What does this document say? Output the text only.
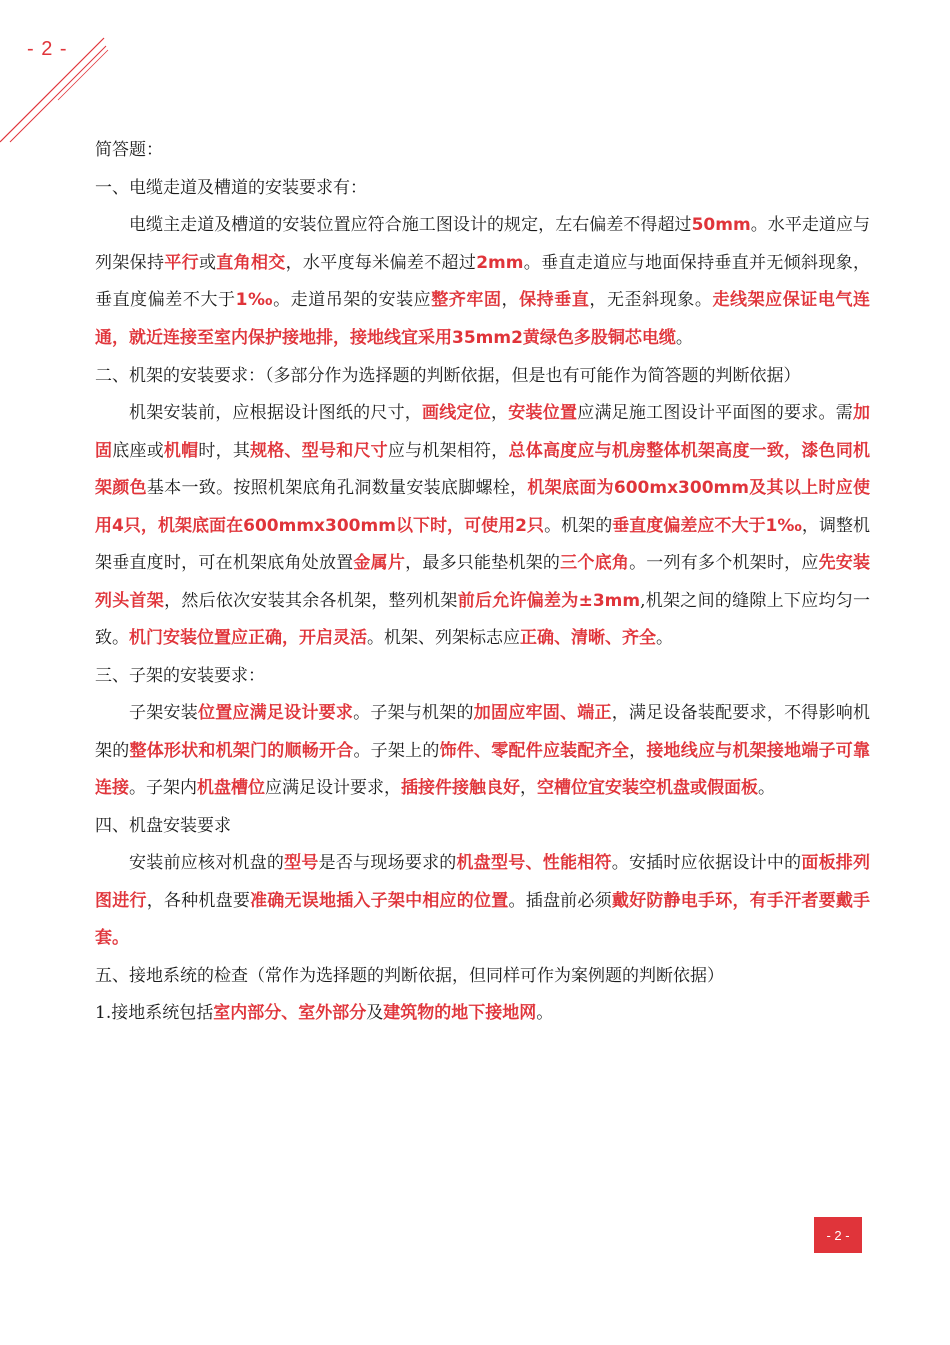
- 2 -

简答题：

一、电缆走道及槽道的安装要求有：

电缆主走道及槽道的安装位置应符合施工图设计的规定，左右偏差不得超过50mm。水平走道应与列架保持平行或直角相交，水平度每米偏差不超过2mm。垂直走道应与地面保持垂直并无倾斜现象，垂直度偏差不大于1‰。走道吊架的安装应整齐牢固，保持垂直，无歪斜现象。走线架应保证电气连通，就近连接至室内保护接地排，接地线宜采用35mm2黄绿色多股铜芯电缆。

二、机架的安装要求：（多部分作为选择题的判断依据，但是也有可能作为简答题的判断依据）

机架安装前，应根据设计图纸的尺寸，画线定位，安装位置应满足施工图设计平面图的要求。需加固底座或机帽时，其规格、型号和尺寸应与机架相符，总体高度应与机房整体机架高度一致，漆色同机架颜色基本一致。按照机架底角孔洞数量安装底脚螺栓，机架底面为600mx300mm及其以上时应使用4只，机架底面在600mmx300mm以下时，可使用2只。机架的垂直度偏差应不大于1‰，调整机架垂直度时，可在机架底角处放置金属片，最多只能垫机架的三个底角。一列有多个机架时，应先安装列头首架，然后依次安装其余各机架，整列机架前后允许偏差为±3mm,机架之间的缝隙上下应均匀一致。机门安装位置应正确，开启灵活。机架、列架标志应正确、清晰、齐全。

三、子架的安装要求：

子架安装位置应满足设计要求。子架与机架的加固应牢固、端正，满足设备装配要求，不得影响机架的整体形状和机架门的顺畅开合。子架上的饰件、零配件应装配齐全，接地线应与机架接地端子可靠连接。子架内机盘槽位应满足设计要求，插接件接触良好，空槽位宜安装空机盘或假面板。

四、机盘安装要求

安装前应核对机盘的型号是否与现场要求的机盘型号、性能相符。安插时应依据设计中的面板排列图进行，各种机盘要准确无误地插入子架中相应的位置。插盘前必须戴好防静电手环，有手汗者要戴手套。

五、接地系统的检查（常作为选择题的判断依据，但同样可作为案例题的判断依据）

1.接地系统包括室内部分、室外部分及建筑物的地下接地网。

- 2 -
